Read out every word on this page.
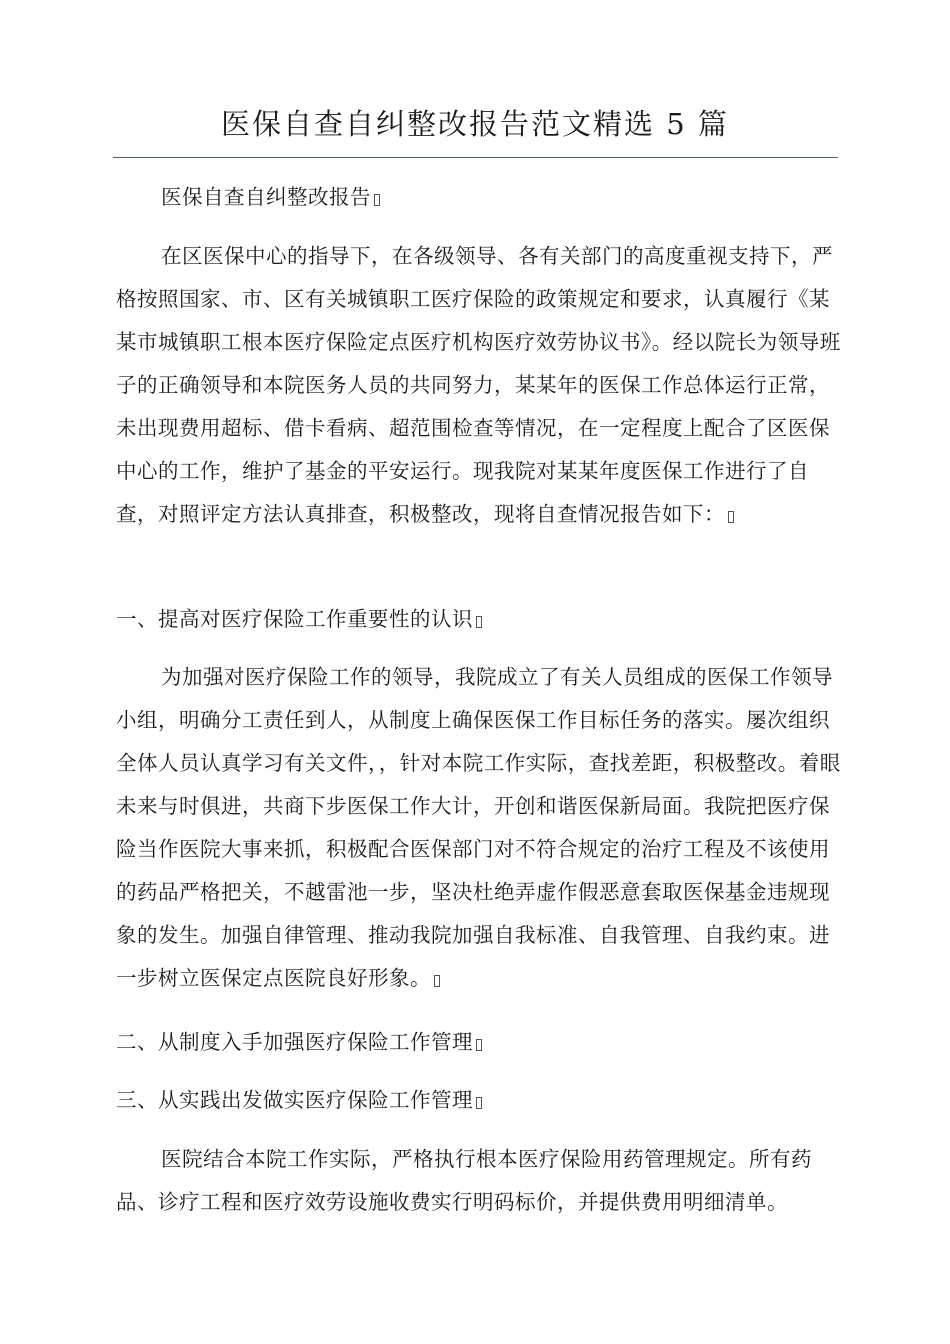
医保自查自纠整改报告范文精选 5 篇

医保自查自纠整改报告

在区医保中心的指导下，在各级领导、各有关部门的高度重视支持下，严格按照国家、市、区有关城镇职工医疗保险的政策规定和要求，认真履行《某某市城镇职工根本医疗保险定点医疗机构医疗效劳协议书》。经以院长为领导班子的正确领导和本院医务人员的共同努力，某某年的医保工作总体运行正常，未出现费用超标、借卡看病、超范围检查等情况，在一定程度上配合了区医保中心的工作，维护了基金的平安运行。现我院对某某年度医保工作进行了自查，对照评定方法认真排查，积极整改，现将自查情况报告如下：

一、提高对医疗保险工作重要性的认识

为加强对医疗保险工作的领导，我院成立了有关人员组成的医保工作领导小组，明确分工责任到人，从制度上确保医保工作目标任务的落实。屡次组织全体人员认真学习有关文件，，针对本院工作实际，查找差距，积极整改。着眼未来与时俱进，共商下步医保工作大计，开创和谐医保新局面。我院把医疗保险当作医院大事来抓，积极配合医保部门对不符合规定的治疗工程及不该使用的药品严格把关，不越雷池一步，坚决杜绝弄虚作假恶意套取医保基金违规现象的发生。加强自律管理、推动我院加强自我标准、自我管理、自我约束。进一步树立医保定点医院良好形象。

二、从制度入手加强医疗保险工作管理

三、从实践出发做实医疗保险工作管理

医院结合本院工作实际，严格执行根本医疗保险用药管理规定。所有药品、诊疗工程和医疗效劳设施收费实行明码标价，并提供费用明细清单。
